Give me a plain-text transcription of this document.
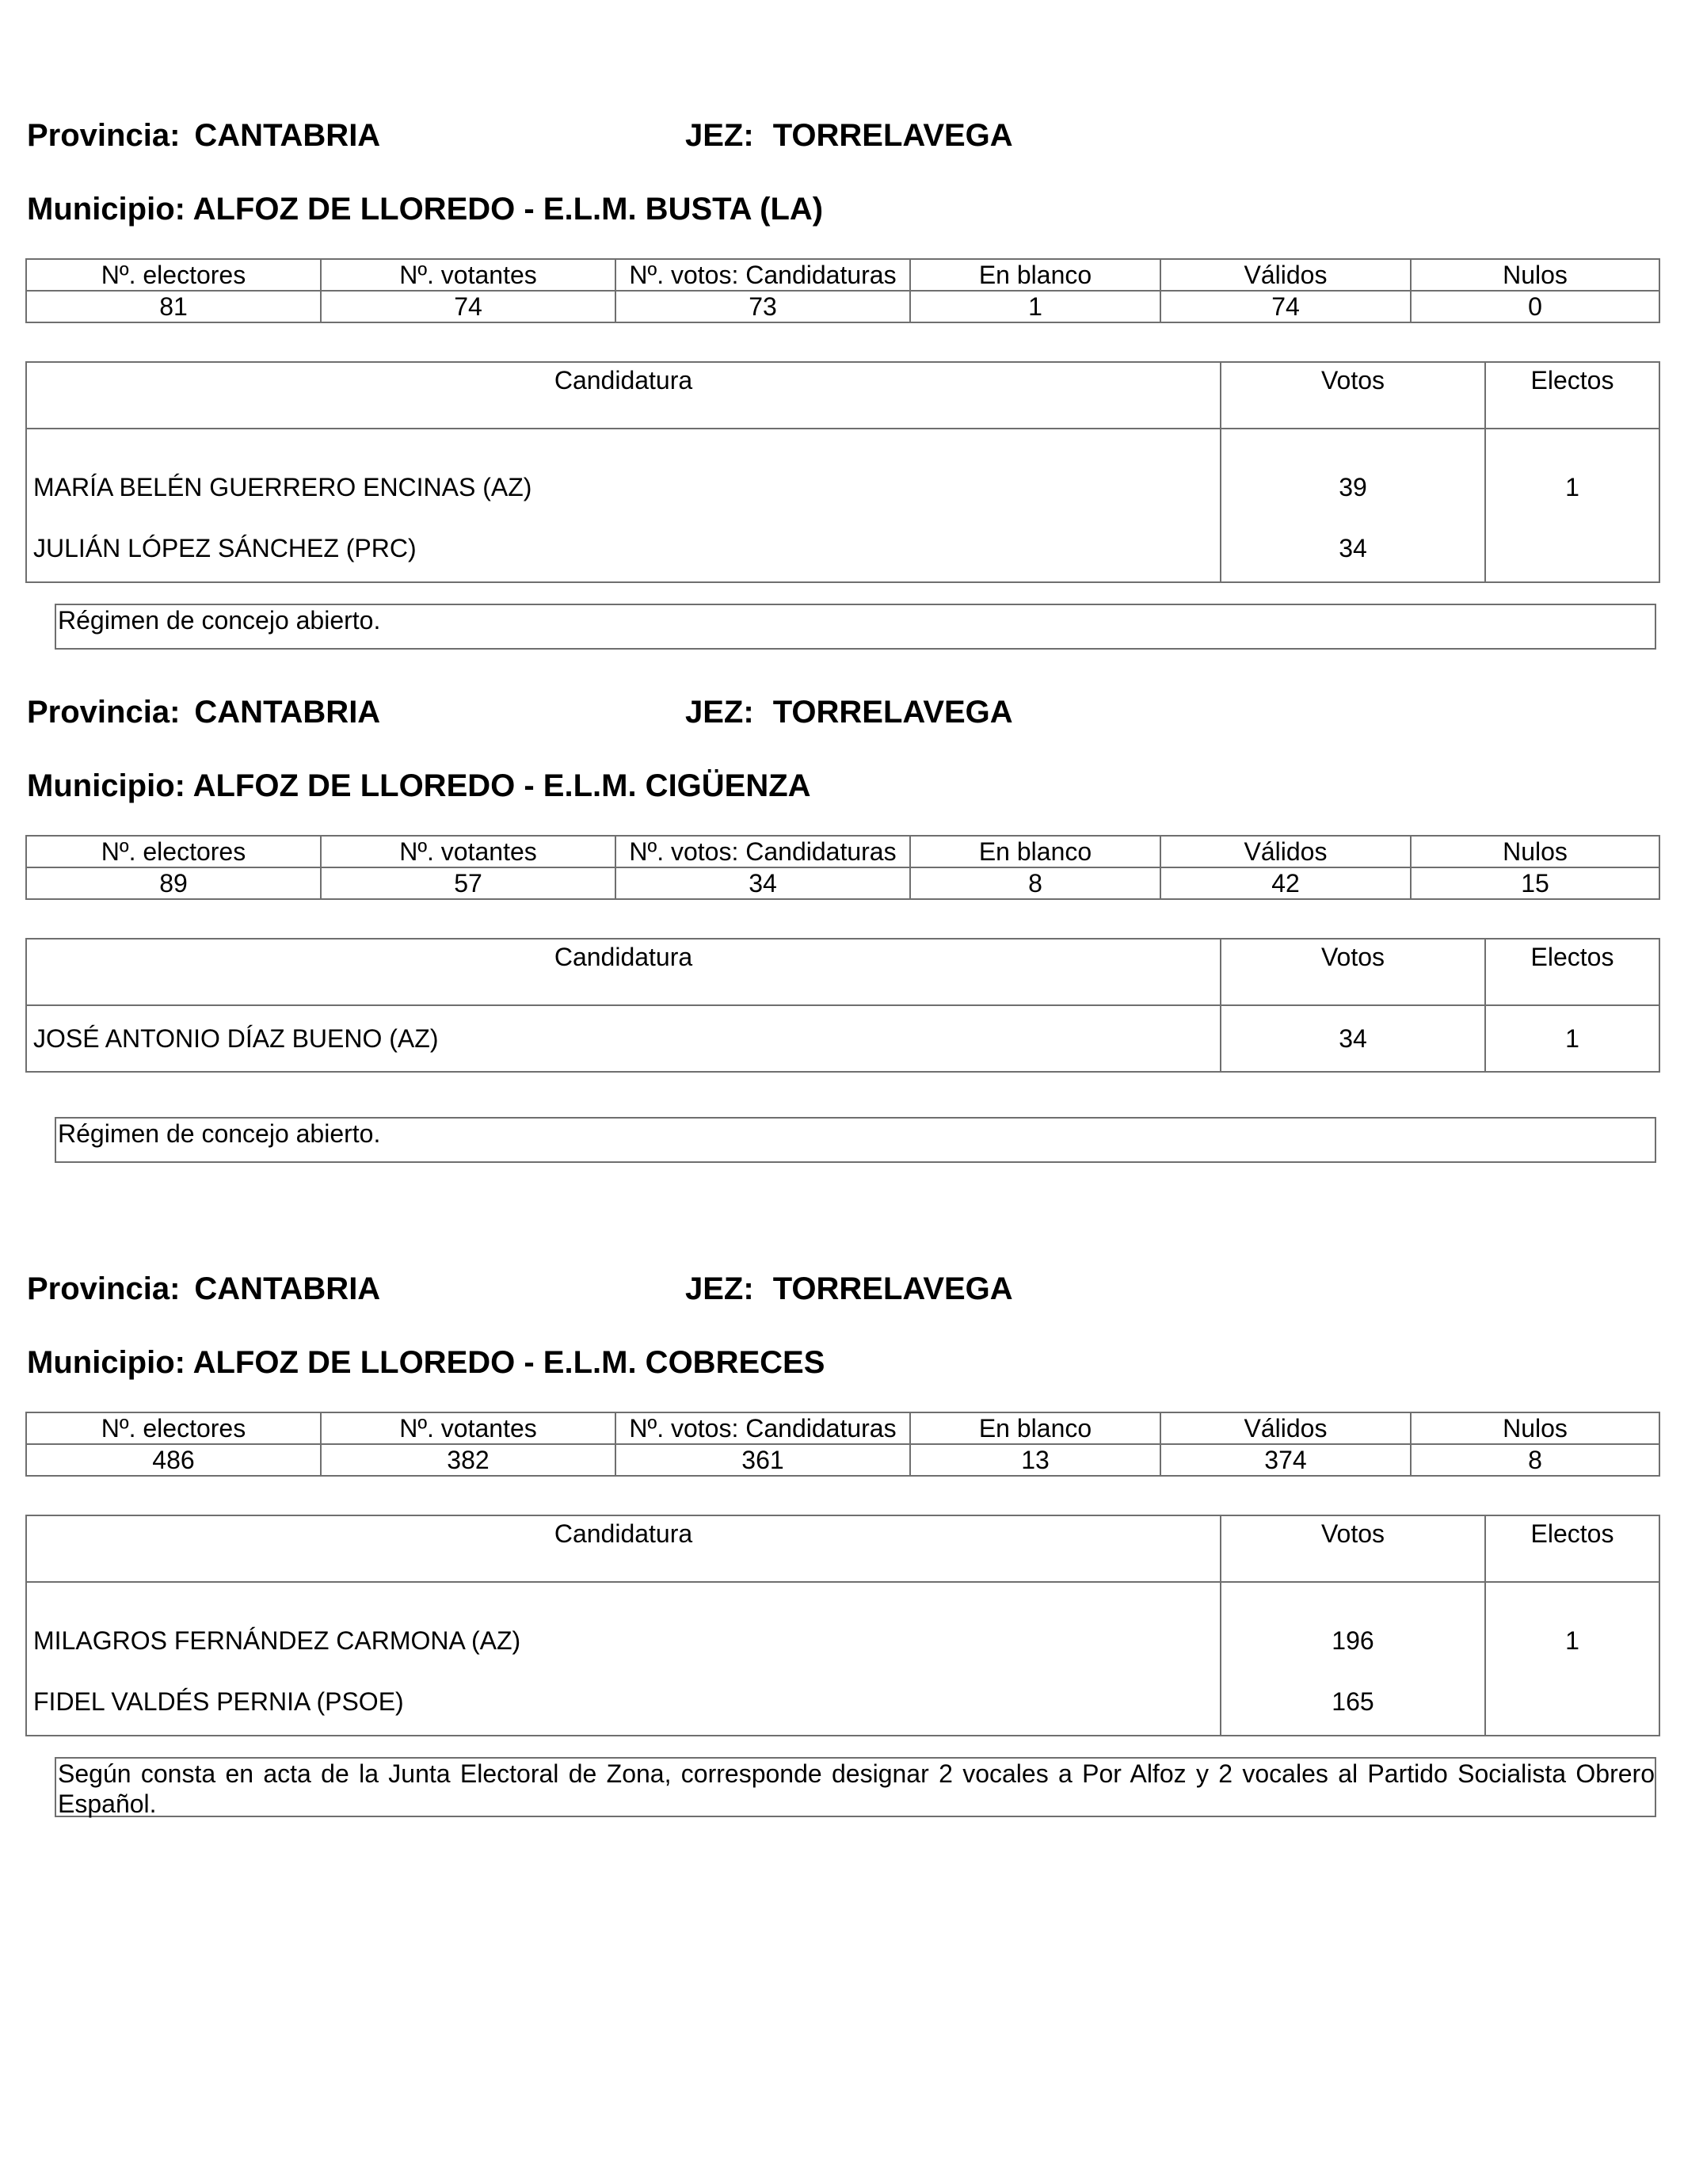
Provincia: CANTABRIA	JEZ: TORRELAVEGA
Municipio: ALFOZ DE LLOREDO - E.L.M. BUSTA (LA)
Nº. electores	Nº. votantes	Nº. votos: Candidaturas	En blanco	Válidos	Nulos
81	74	73	1	74	0
Candidatura	Votos	Electos
MARÍA BELÉN GUERRERO ENCINAS (AZ)	39	1
JULIÁN LÓPEZ SÁNCHEZ (PRC)	34	
Régimen de concejo abierto.
Provincia: CANTABRIA	JEZ: TORRELAVEGA
Municipio: ALFOZ DE LLOREDO - E.L.M. CIGÜENZA
Nº. electores	Nº. votantes	Nº. votos: Candidaturas	En blanco	Válidos	Nulos
89	57	34	8	42	15
Candidatura	Votos	Electos
JOSÉ ANTONIO DÍAZ BUENO (AZ)	34	1
Régimen de concejo abierto.
Provincia: CANTABRIA	JEZ: TORRELAVEGA
Municipio: ALFOZ DE LLOREDO - E.L.M. COBRECES
Nº. electores	Nº. votantes	Nº. votos: Candidaturas	En blanco	Válidos	Nulos
486	382	361	13	374	8
Candidatura	Votos	Electos
MILAGROS FERNÁNDEZ CARMONA (AZ)	196	1
FIDEL VALDÉS PERNIA (PSOE)	165	
Según consta en acta de la Junta Electoral de Zona, corresponde designar 2 vocales a Por Alfoz y 2 vocales al Partido Socialista Obrero Español.
